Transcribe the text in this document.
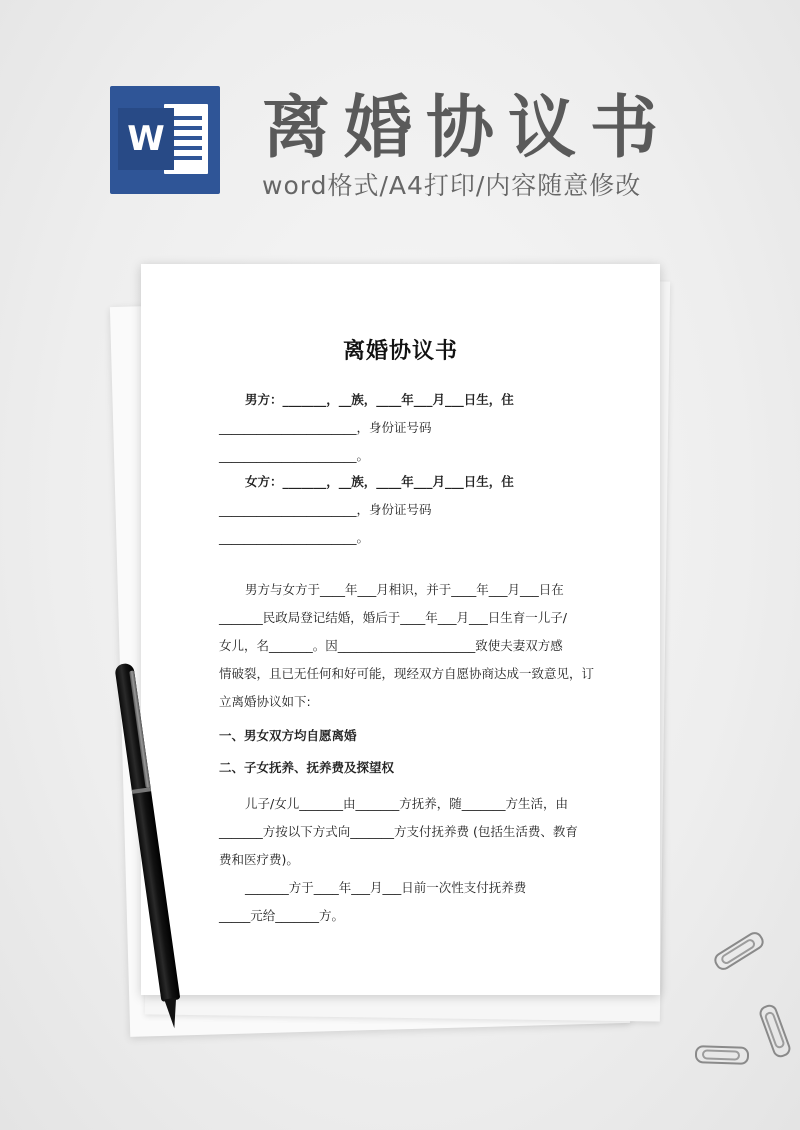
W 离婚协议书
word格式/A4打印/内容随意修改
离婚协议书
男方：_______，__族，____年___月___日生，住
______________________，身份证号码
______________________。
女方：_______，__族，____年___月___日生，住
______________________，身份证号码
______________________。
男方与女方于____年___月相识，并于____年___月___日在
_______民政局登记结婚，婚后于____年___月___日生育一儿子/
女儿，名_______。因______________________致使夫妻双方感
情破裂，且已无任何和好可能，现经双方自愿协商达成一致意见，订
立离婚协议如下:
一、男女双方均自愿离婚
二、子女抚养、抚养费及探望权
儿子/女儿_______由_______方抚养，随_______方生活，由
_______方按以下方式向_______方支付抚养费 (包括生活费、教育
费和医疗费)。
_______方于____年___月___日前一次性支付抚养费
_____元给_______方。
